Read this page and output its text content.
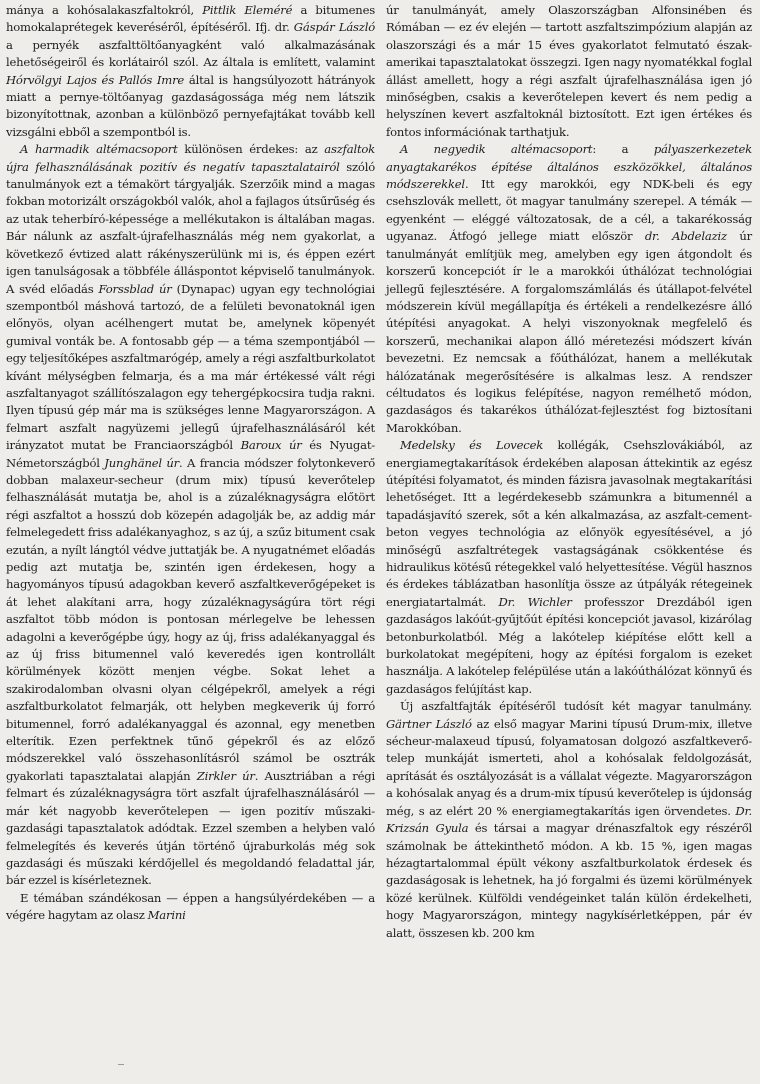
mánya a kohósalakaszfaltokról, Pittlik Eleméré a bitumenes homokalaprétegek keveréséről, építéséről. Ifj. dr. Gáspár László a pernyék aszfalttöltőanyagként való alkalmazásának lehetőségeiről és korlátairól szól. Az általa is említett, valamint Hórvölgyi Lajos és Pallós Imre által is hangsúlyozott hátrányok miatt a pernye-töltőanyag gazdaságossága még nem látszik bizonyítottnak, azonban a különböző pernyefajtákat tovább kell vizsgálni ebből a szempontból is.

A harmadik altémacsoport különösen érdekes: az aszfaltok újra felhasználásának pozitív és negatív tapasztalatairól szóló tanulmányok ezt a témakört tárgyalják. Szerzőik mind a magas fokban motorizált országokból valók, ahol a fajlagos útsűrűség és az utak teherbíró-képessége a mellékutakon is általában magas. Bár nálunk az aszfalt-újrafelhasználás még nem gyakorlat, a következő évtized alatt rákényszerülünk mi is, és éppen ezért igen tanulságosak a többféle álláspontot képviselő tanulmányok. A svéd előadás Forssblad úr (Dynapac) ugyan egy technológiai szempontból máshová tartozó, de a felületi bevonatoknál igen előnyös, olyan acélhengert mutat be, amelynek köpenyét gumival vonták be. A fontosabb gép — a téma szempontjából — egy teljesítőképes aszfaltmarógép, amely a régi aszfaltburkolatot kívánt mélységben felmarja, és a ma már értékessé vált régi aszfaltanyagot szállítószalagon egy tehergépkocsira tudja rakni. Ilyen típusú gép már ma is szükséges lenne Magyarországon. A felmart aszfalt nagyüzemi jellegű újrafelhasználásáról két irányzatot mutat be Franciaországból Baroux úr és Nyugat-Németországból Junghänel úr. A francia módszer folytonkeverő dobban malaxeur-secheur (drum mix) típusú keverőtelep felhasználását mutatja be, ahol is a zúzaléknagyságra előtört régi aszfaltot a hosszú dob közepén adagolják be, az addig már felmelegedett friss adalékanyaghoz, s az új, a szűz bitument csak ezután, a nyílt lángtól védve juttatják be. A nyugatnémet előadás pedig azt mutatja be, szintén igen érdekesen, hogy a hagyományos típusú adagokban keverő aszfaltkeverőgépeket is át lehet alakítani arra, hogy zúzaléknagyságúra tört régi aszfaltot több módon is pontosan mérlegelve be lehessen adagolni a keverőgépbe úgy, hogy az új, friss adalékanyaggal és az új friss bitumennel való keveredés igen kontrollált körülmények között menjen végbe. Sokat lehet a szakirodalomban olvasni olyan célgépekről, amelyek a régi aszfaltburkolatot felmarják, ott helyben megkeverik új forró bitumennel, forró adalékanyaggal és azonnal, egy menetben elterítik. Ezen perfektnek tűnő gépekről és az előző módszerekkel való összehasonlításról számol be osztrák gyakorlati tapasztalatai alapján Zirkler úr. Ausztriában a régi felmart és zúzaléknagyságra tört aszfalt újrafelhasználásáról — már két nagyobb keverőtelepen — igen pozitív műszaki-gazdasági tapasztalatok adódtak. Ezzel szemben a helyben való felmelegítés és keverés útján történő újraburkolás még sok gazdasági és műszaki kérdőjellel és megoldandó feladattal jár, bár ezzel is kísérleteznek.

E témában szándékosan — éppen a hangsúlyérdekében — a végére hagytam az olasz Marini

úr tanulmányát, amely Olaszországban Alfonsinében és Rómában — ez év elején — tartott aszfaltszimpózium alapján az olaszországi és a már 15 éves gyakorlatot felmutató észak-amerikai tapasztalatokat összegzi. Igen nagy nyomatékkal foglal állást amellett, hogy a régi aszfalt újrafelhasználása igen jó minőségben, csakis a keverőtelepen kevert és nem pedig a helyszínen kevert aszfaltoknál biztosított. Ezt igen értékes és fontos információnak tarthatjuk.

A negyedik altémacsoport: a pályaszerkezetek anyagtakarékos építése általános eszközökkel, általános módszerekkel. Itt egy marokkói, egy NDK-beli és egy csehszlovák mellett, öt magyar tanulmány szerepel. A témák — egyenként — eléggé változatosak, de a cél, a takarékosság ugyanaz. Átfogó jellege miatt először dr. Abdelaziz úr tanulmányát említjük meg, amelyben egy igen átgondolt és korszerű koncepciót ír le a marokkói úthálózat technológiai jellegű fejlesztésére. A forgalomszámlálás és útállapot-felvétel módszerein kívül megállapítja és értékeli a rendelkezésre álló útépítési anyagokat. A helyi viszonyoknak megfelelő és korszerű, mechanikai alapon álló méretezési módszert kíván bevezetni. Ez nemcsak a főúthálózat, hanem a mellékutak hálózatának megerősítésére is alkalmas lesz. A rendszer céltudatos és logikus felépítése, nagyon remélhető módon, gazdaságos és takarékos úthálózat-fejlesztést fog biztosítani Marokkóban.

Medelsky és Lovecek kollégák, Csehszlovákiából, az energiamegtakarítások érdekében alaposan áttekintik az egész útépítési folyamatot, és minden fázisra javasolnak megtakarítási lehetőséget. Itt a legérdekesebb számunkra a bitumennél a tapadásjavító szerek, sőt a kén alkalmazása, az aszfalt-cement-beton vegyes technológia az előnyök egyesítésével, a jó minőségű aszfaltrétegek vastagságának csökkentése és hidraulikus kötésű rétegekkel való helyettesítése. Végül hasznos és érdekes táblázatban hasonlítja össze az útpályák rétegeinek energiatartalmát. Dr. Wichler professzor Drezdából igen gazdaságos lakóút-gyűjtőút építési koncepciót javasol, kizárólag betonburkolatból. Még a lakótelep kiépítése előtt kell a burkolatokat megépíteni, hogy az építési forgalom is ezeket használja. A lakótelep felépülése után a lakóúthálózat könnyű és gazdaságos felújítást kap.

Új aszfaltfajták építéséről tudósít két magyar tanulmány. Gärtner László az első magyar Marini típusú Drum-mix, illetve sécheur-malaxeud típusú, folyamatosan dolgozó aszfaltkeverő-telep munkáját ismerteti, ahol a kohósalak feldolgozását, aprítását és osztályozását is a vállalat végezte. Magyarországon a kohósalak anyag és a drum-mix típusú keverőtelep is újdonság még, s az elért 20 % energiamegtakarítás igen örvendetes. Dr. Krizsán Gyula és társai a magyar drénaszfaltok egy részéről számolnak be áttekinthető módon. A kb. 15 %, igen magas hézagtartalommal épült vékony aszfaltburkolatok érdesek és gazdaságosak is lehetnek, ha jó forgalmi és üzemi körülmények közé kerülnek. Külföldi vendégeinket talán külön érdekelheti, hogy Magyarországon, mintegy nagykísérletképpen, pár év alatt, összesen kb. 200 km
